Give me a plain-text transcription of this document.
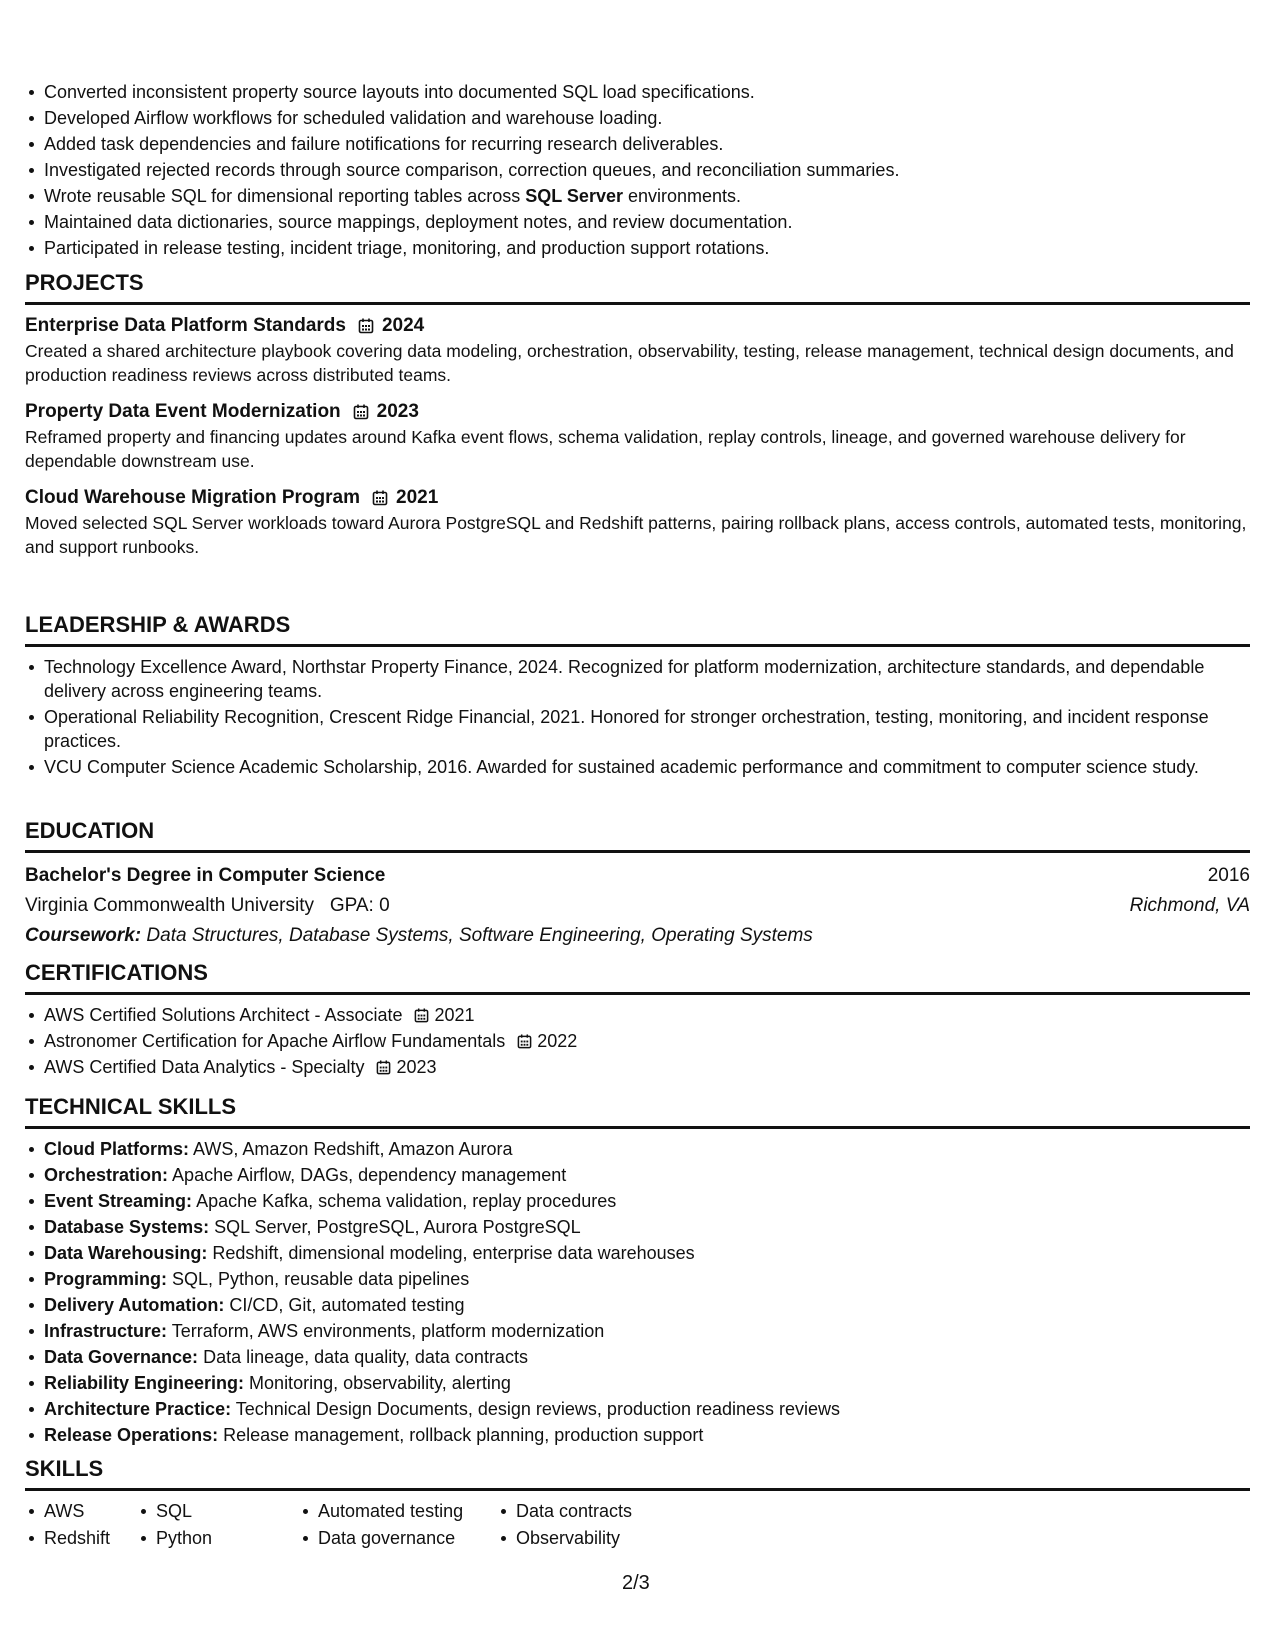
Converted inconsistent property source layouts into documented SQL load specifications.
Developed Airflow workflows for scheduled validation and warehouse loading.
Added task dependencies and failure notifications for recurring research deliverables.
Investigated rejected records through source comparison, correction queues, and reconciliation summaries.
Wrote reusable SQL for dimensional reporting tables across SQL Server environments.
Maintained data dictionaries, source mappings, deployment notes, and review documentation.
Participated in release testing, incident triage, monitoring, and production support rotations.
PROJECTS
Enterprise Data Platform Standards 2024
Created a shared architecture playbook covering data modeling, orchestration, observability, testing, release management, technical design documents, and production readiness reviews across distributed teams.
Property Data Event Modernization 2023
Reframed property and financing updates around Kafka event flows, schema validation, replay controls, lineage, and governed warehouse delivery for dependable downstream use.
Cloud Warehouse Migration Program 2021
Moved selected SQL Server workloads toward Aurora PostgreSQL and Redshift patterns, pairing rollback plans, access controls, automated tests, monitoring, and support runbooks.
LEADERSHIP & AWARDS
Technology Excellence Award, Northstar Property Finance, 2024. Recognized for platform modernization, architecture standards, and dependable delivery across engineering teams.
Operational Reliability Recognition, Crescent Ridge Financial, 2021. Honored for stronger orchestration, testing, monitoring, and incident response practices.
VCU Computer Science Academic Scholarship, 2016. Awarded for sustained academic performance and commitment to computer science study.
EDUCATION
Bachelor's Degree in Computer Science	2016
Virginia Commonwealth University GPA: 0	Richmond, VA
Coursework: Data Structures, Database Systems, Software Engineering, Operating Systems
CERTIFICATIONS
AWS Certified Solutions Architect - Associate 2021
Astronomer Certification for Apache Airflow Fundamentals 2022
AWS Certified Data Analytics - Specialty 2023
TECHNICAL SKILLS
Cloud Platforms: AWS, Amazon Redshift, Amazon Aurora
Orchestration: Apache Airflow, DAGs, dependency management
Event Streaming: Apache Kafka, schema validation, replay procedures
Database Systems: SQL Server, PostgreSQL, Aurora PostgreSQL
Data Warehousing: Redshift, dimensional modeling, enterprise data warehouses
Programming: SQL, Python, reusable data pipelines
Delivery Automation: CI/CD, Git, automated testing
Infrastructure: Terraform, AWS environments, platform modernization
Data Governance: Data lineage, data quality, data contracts
Reliability Engineering: Monitoring, observability, alerting
Architecture Practice: Technical Design Documents, design reviews, production readiness reviews
Release Operations: Release management, rollback planning, production support
SKILLS
AWS
Redshift
SQL
Python
Automated testing
Data governance
Data contracts
Observability
2/3
